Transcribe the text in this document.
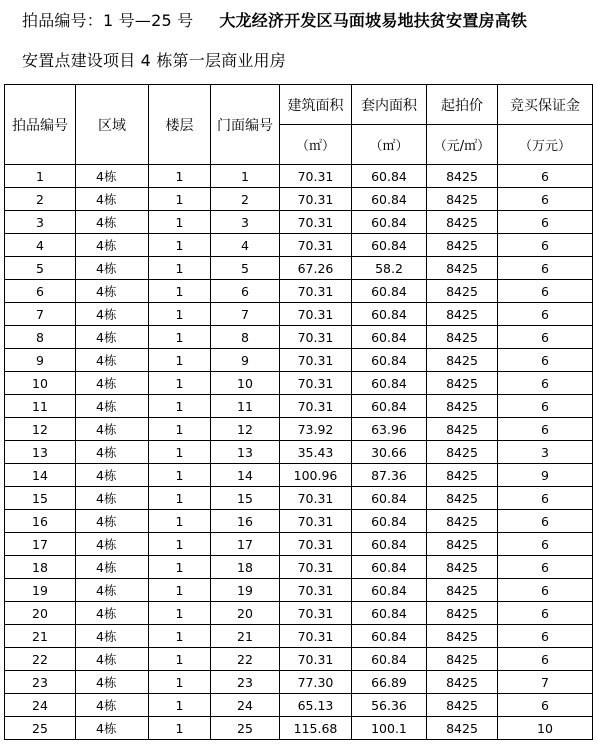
拍品编号：1 号—25 号 大龙经济开发区马面坡易地扶贫安置房高铁
安置点建设项目 4 栋第一层商业用房
拍品编号	区域	楼层	门面编号	建筑面积	套内面积	起拍价	竞买保证金
				（㎡）	（㎡）	（元/㎡）	（万元）
1	4栋	1	1	70.31	60.84	8425	6
2	4栋	1	2	70.31	60.84	8425	6
3	4栋	1	3	70.31	60.84	8425	6
4	4栋	1	4	70.31	60.84	8425	6
5	4栋	1	5	67.26	58.2	8425	6
6	4栋	1	6	70.31	60.84	8425	6
7	4栋	1	7	70.31	60.84	8425	6
8	4栋	1	8	70.31	60.84	8425	6
9	4栋	1	9	70.31	60.84	8425	6
10	4栋	1	10	70.31	60.84	8425	6
11	4栋	1	11	70.31	60.84	8425	6
12	4栋	1	12	73.92	63.96	8425	6
13	4栋	1	13	35.43	30.66	8425	3
14	4栋	1	14	100.96	87.36	8425	9
15	4栋	1	15	70.31	60.84	8425	6
16	4栋	1	16	70.31	60.84	8425	6
17	4栋	1	17	70.31	60.84	8425	6
18	4栋	1	18	70.31	60.84	8425	6
19	4栋	1	19	70.31	60.84	8425	6
20	4栋	1	20	70.31	60.84	8425	6
21	4栋	1	21	70.31	60.84	8425	6
22	4栋	1	22	70.31	60.84	8425	6
23	4栋	1	23	77.30	66.89	8425	7
24	4栋	1	24	65.13	56.36	8425	6
25	4栋	1	25	115.68	100.1	8425	10
